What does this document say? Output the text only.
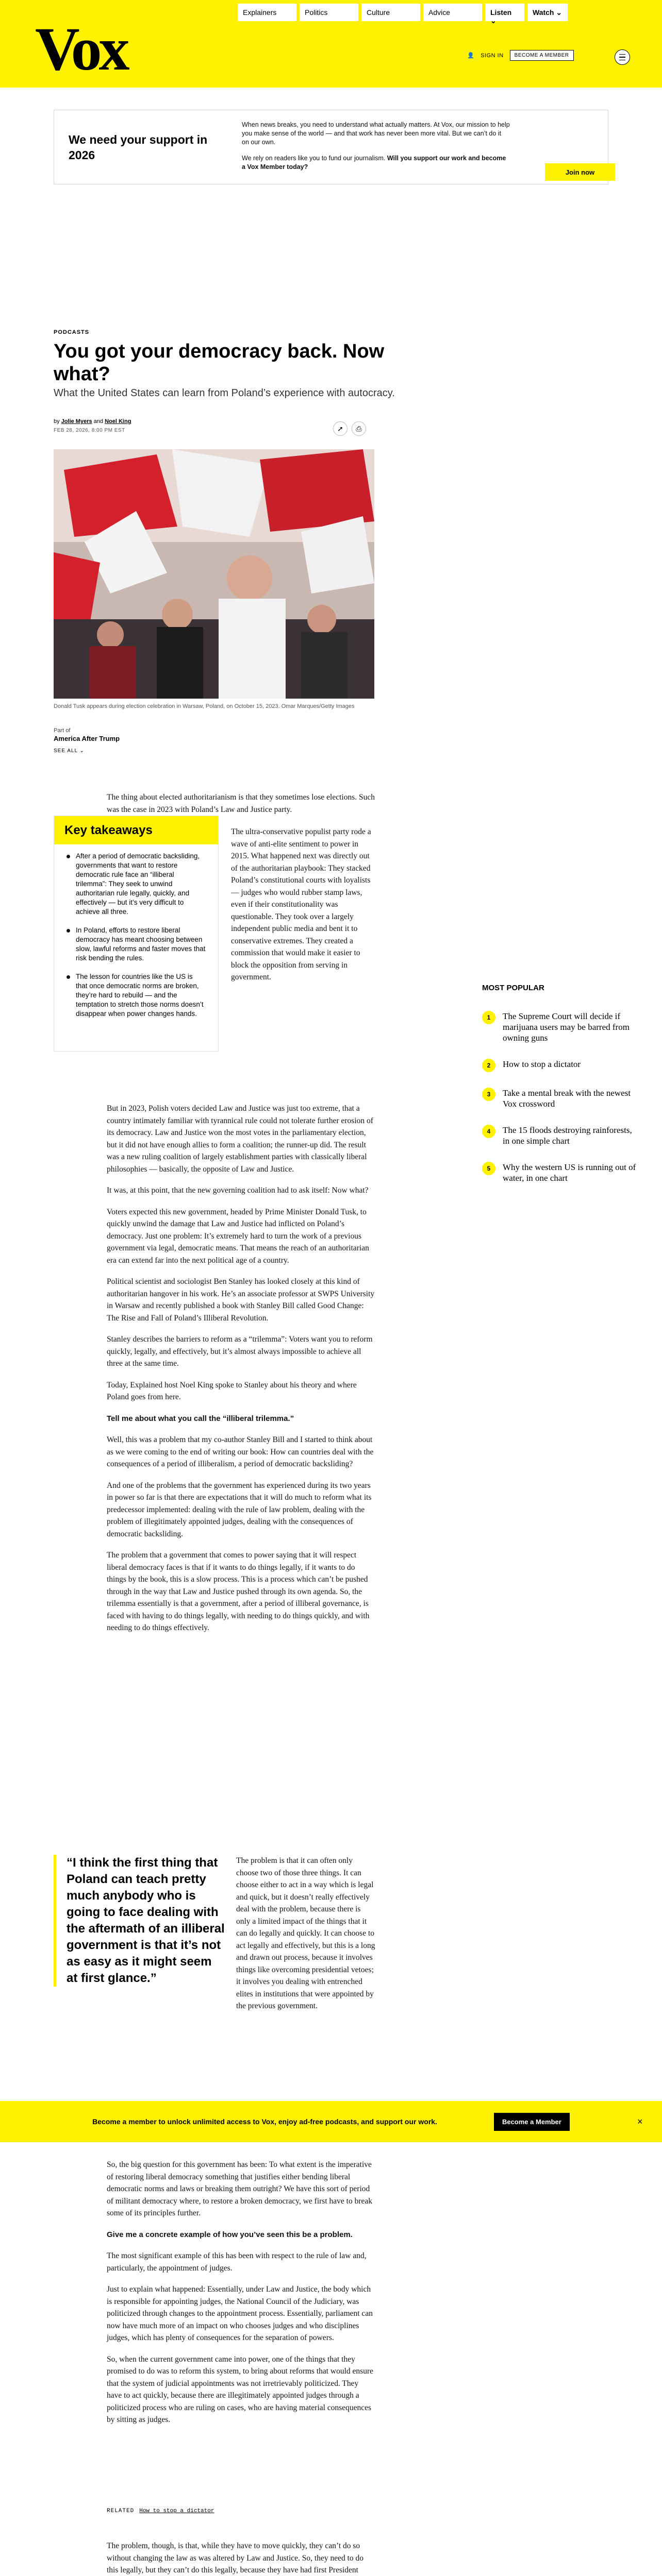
Vox
Explainers	Politics	Culture	Advice	Listen ⌄
Watch ⌄
👤 SIGN IN	BECOME A MEMBER
We need your support in 2026

When news breaks, you need to understand what actually matters. At Vox, our mission to help you make sense of the world — and that work has never been more vital. But we can’t do it on our own.

We rely on readers like you to fund our journalism. Will you support our work and become a Vox Member today?

Join now
PODCASTS
You got your democracy back. Now what?
What the United States can learn from Poland’s experience with autocracy.
by Jolie Myers and Noel King
FEB 28, 2026, 8:00 PM EST	➚ ⎙
Donald Tusk appears during election celebration in Warsaw, Poland, on October 15, 2023. Omar Marques/Getty Images
Part of
America After Trump
SEE ALL ⌄

The thing about elected authoritarianism is that they sometimes lose elections. Such was the case in 2023 with Poland’s Law and Justice party.

Key takeaways
After a period of democratic backsliding, governments that want to restore democratic rule face an “illiberal trilemma”: They seek to unwind authoritarian rule legally, quickly, and effectively — but it’s very difficult to achieve all three.
In Poland, efforts to restore liberal democracy has meant choosing between slow, lawful reforms and faster moves that risk bending the rules.
The lesson for countries like the US is that once democratic norms are broken, they’re hard to rebuild — and the temptation to stretch those norms doesn’t disappear when power changes hands.

The ultra-conservative populist party rode a wave of anti-elite sentiment to power in 2015. What happened next was directly out of the authoritarian playbook: They stacked Poland’s constitutional courts with loyalists — judges who would rubber stamp laws, even if their constitutionality was questionable. They took over a largely independent public media and bent it to conservative extremes. They created a commission that would make it easier to block the opposition from serving in government.

But in 2023, Polish voters decided Law and Justice was just too extreme, that a country intimately familiar with tyrannical rule could not tolerate further erosion of its democracy. Law and Justice won the most votes in the parliamentary election, but it did not have enough allies to form a coalition; the runner-up did. The result was a new ruling coalition of largely establishment parties with classically liberal philosophies — basically, the opposite of Law and Justice.

It was, at this point, that the new governing coalition had to ask itself: Now what?

Voters expected this new government, headed by Prime Minister Donald Tusk, to quickly unwind the damage that Law and Justice had inflicted on Poland’s democracy. Just one problem: It’s extremely hard to turn the work of a previous government via legal, democratic means. That means the reach of an authoritarian era can extend far into the next political age of a country.

Political scientist and sociologist Ben Stanley has looked closely at this kind of authoritarian hangover in his work. He’s an associate professor at SWPS University in Warsaw and recently published a book with Stanley Bill called Good Change: The Rise and Fall of Poland’s Illiberal Revolution.

Stanley describes the barriers to reform as a “trilemma”: Voters want you to reform quickly, legally, and effectively, but it’s almost always impossible to achieve all three at the same time.

Today, Explained host Noel King spoke to Stanley about his theory and where Poland goes from here.

Tell me about what you call the “illiberal trilemma.”

Well, this was a problem that my co-author Stanley Bill and I started to think about as we were coming to the end of writing our book: How can countries deal with the consequences of a period of illiberalism, a period of democratic backsliding?

And one of the problems that the government has experienced during its two years in power so far is that there are expectations that it will do much to reform what its predecessor implemented: dealing with the rule of law problem, dealing with the problem of illegitimately appointed judges, dealing with the consequences of democratic backsliding.

The problem that a government that comes to power saying that it will respect liberal democracy faces is that if it wants to do things legally, if it wants to do things by the book, this is a slow process. This is a process which can’t be pushed through in the way that Law and Justice pushed through its own agenda. So, the trilemma essentially is that a government, after a period of illiberal governance, is faced with having to do things legally, with needing to do things quickly, and with needing to do things effectively.

“I think the first thing that Poland can teach pretty much anybody who is going to face dealing with the aftermath of an illiberal government is that it’s not as easy as it might seem at first glance.”

The problem is that it can often only choose two of those three things. It can choose either to act in a way which is legal and quick, but it doesn’t really effectively deal with the problem, because there is only a limited impact of the things that it can do legally and quickly. It can choose to act legally and effectively, but this is a long and drawn out process, because it involves things like overcoming presidential vetoes; it involves you dealing with entrenched elites in institutions that were appointed by the previous government.

MOST POPULAR
1	The Supreme Court will decide if marijuana users may be barred from owning guns
2	How to stop a dictator
3	Take a mental break with the newest Vox crossword
4	The 15 floods destroying rainforests, in one simple chart
5	Why the western US is running out of water, in one chart
Become a member to unlock unlimited access to Vox, enjoy ad-free podcasts, and support our work.	Become a Member	×

So, the big question for this government has been: To what extent is the imperative of restoring liberal democracy something that justifies either bending liberal democratic norms and laws or breaking them outright? We have this sort of period of militant democracy where, to restore a broken democracy, we first have to break some of its principles further.

Give me a concrete example of how you’ve seen this be a problem.

The most significant example of this has been with respect to the rule of law and, particularly, the appointment of judges.

Just to explain what happened: Essentially, under Law and Justice, the body which is responsible for appointing judges, the National Council of the Judiciary, was politicized through changes to the appointment process. Essentially, parliament can now have much more of an impact on who chooses judges and who disciplines judges, which has plenty of consequences for the separation of powers.

So, when the current government came into power, one of the things that they promised to do was to reform this system, to bring about reforms that would ensure that the system of judicial appointments was not irretrievably politicized. They have to act quickly, because there are illegitimately appointed judges through a politicized process who are ruling on cases, who are having material consequences by sitting as judges.

RELATED How to stop a dictator

The problem, though, is that, while they have to move quickly, they can’t do so without changing the law as was altered by Law and Justice. So, they need to do this legally, but they can’t do this legally, because they have had first President
